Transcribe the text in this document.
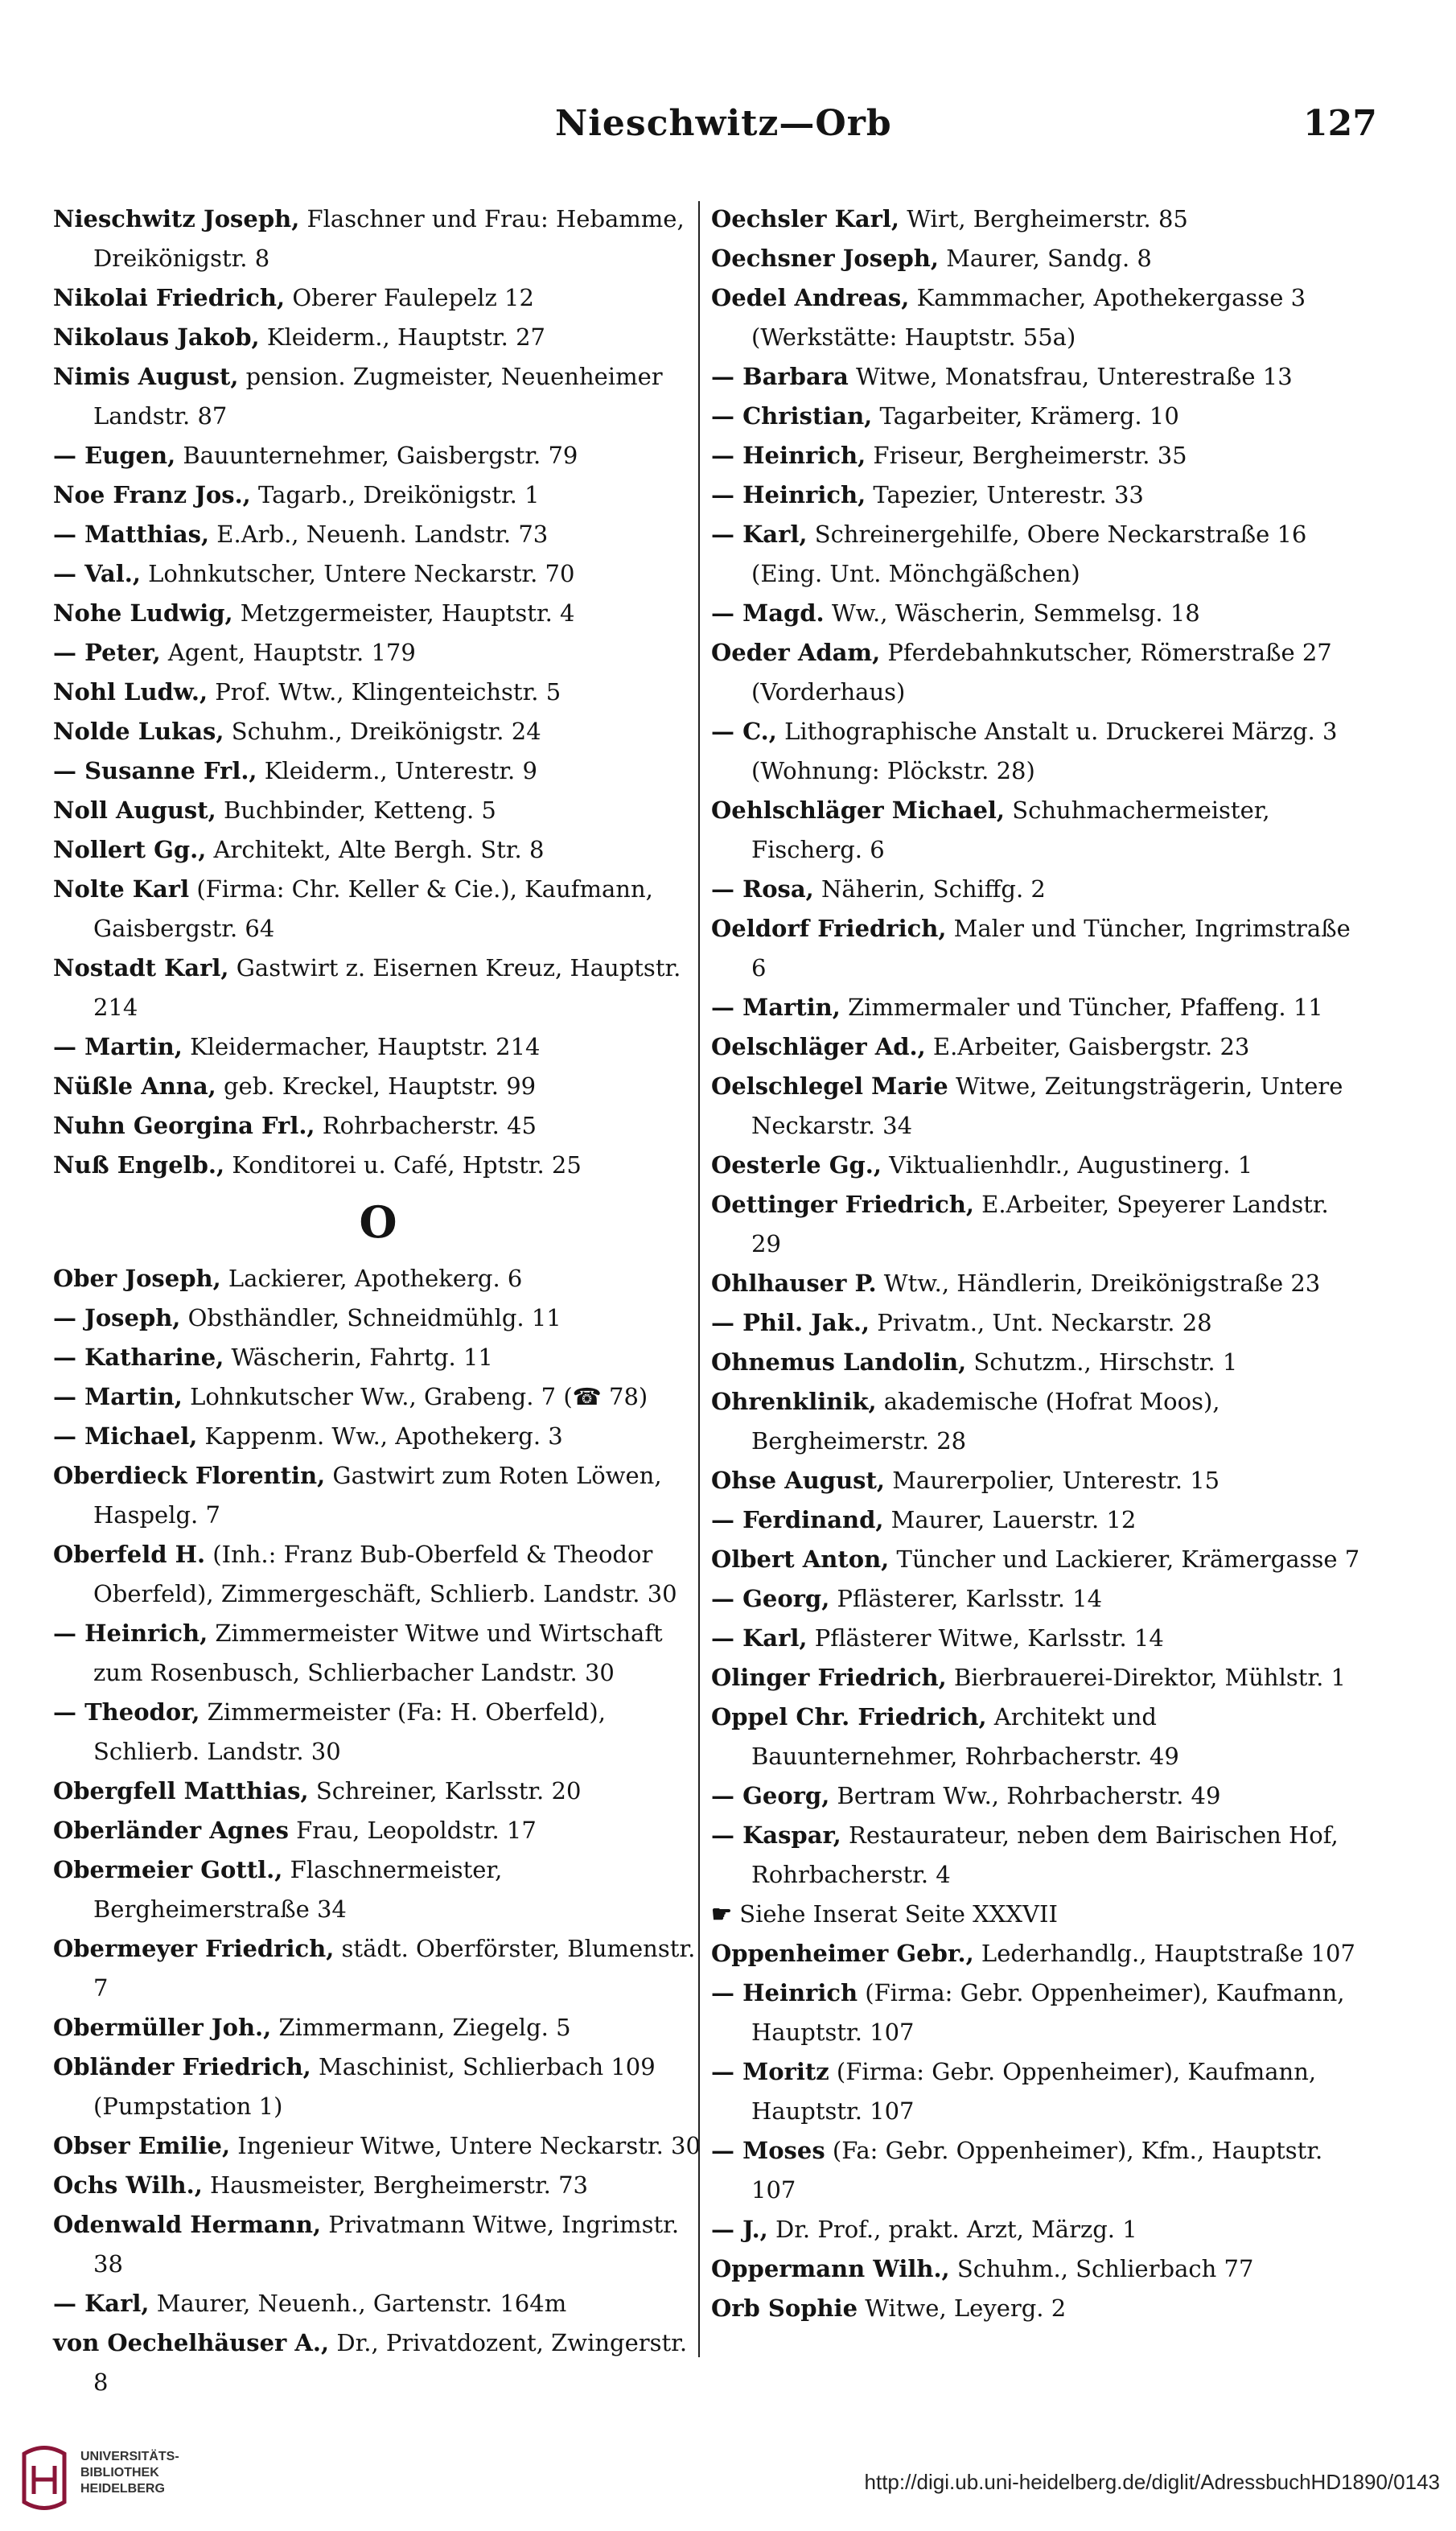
Nieschwitz—Orb	127

Nieschwitz Joseph, Flaschner und Frau: Hebamme, Dreikönigstr. 8

Nikolai Friedrich, Oberer Faulepelz 12

Nikolaus Jakob, Kleiderm., Hauptstr. 27

Nimis August, pension. Zugmeister, Neuenheimer Landstr. 87

— Eugen, Bauunternehmer, Gaisbergstr. 79

Noe Franz Jos., Tagarb., Dreikönigstr. 1

— Matthias, E.Arb., Neuenh. Landstr. 73

— Val., Lohnkutscher, Untere Neckarstr. 70

Nohe Ludwig, Metzgermeister, Hauptstr. 4

— Peter, Agent, Hauptstr. 179

Nohl Ludw., Prof. Wtw., Klingenteichstr. 5

Nolde Lukas, Schuhm., Dreikönigstr. 24

— Susanne Frl., Kleiderm., Unterestr. 9

Noll August, Buchbinder, Ketteng. 5

Nollert Gg., Architekt, Alte Bergh. Str. 8

Nolte Karl (Firma: Chr. Keller & Cie.), Kaufmann, Gaisbergstr. 64

Nostadt Karl, Gastwirt z. Eisernen Kreuz, Hauptstr. 214

— Martin, Kleidermacher, Hauptstr. 214

Nüßle Anna, geb. Kreckel, Hauptstr. 99

Nuhn Georgina Frl., Rohrbacherstr. 45

Nuß Engelb., Konditorei u. Café, Hptstr. 25

O

Ober Joseph, Lackierer, Apothekerg. 6

— Joseph, Obsthändler, Schneidmühlg. 11

— Katharine, Wäscherin, Fahrtg. 11

— Martin, Lohnkutscher Ww., Grabeng. 7 (☎ 78)

— Michael, Kappenm. Ww., Apothekerg. 3

Oberdieck Florentin, Gastwirt zum Roten Löwen, Haspelg. 7

Oberfeld H. (Inh.: Franz Bub-Oberfeld & Theodor Oberfeld), Zimmergeschäft, Schlierb. Landstr. 30

— Heinrich, Zimmermeister Witwe und Wirtschaft zum Rosenbusch, Schlierbacher Landstr. 30

— Theodor, Zimmermeister (Fa: H. Oberfeld), Schlierb. Landstr. 30

Obergfell Matthias, Schreiner, Karlsstr. 20

Oberländer Agnes Frau, Leopoldstr. 17

Obermeier Gottl., Flaschnermeister, Bergheimerstraße 34

Obermeyer Friedrich, städt. Oberförster, Blumenstr. 7

Obermüller Joh., Zimmermann, Ziegelg. 5

Obländer Friedrich, Maschinist, Schlierbach 109 (Pumpstation 1)

Obser Emilie, Ingenieur Witwe, Untere Neckarstr. 30

Ochs Wilh., Hausmeister, Bergheimerstr. 73

Odenwald Hermann, Privatmann Witwe, Ingrimstr. 38

— Karl, Maurer, Neuenh., Gartenstr. 164m

von Oechelhäuser A., Dr., Privatdozent, Zwingerstr. 8

Oechsler Karl, Wirt, Bergheimerstr. 85

Oechsner Joseph, Maurer, Sandg. 8

Oedel Andreas, Kammmacher, Apothekergasse 3 (Werkstätte: Hauptstr. 55a)

— Barbara Witwe, Monatsfrau, Unterestraße 13

— Christian, Tagarbeiter, Krämerg. 10

— Heinrich, Friseur, Bergheimerstr. 35

— Heinrich, Tapezier, Unterestr. 33

— Karl, Schreinergehilfe, Obere Neckarstraße 16 (Eing. Unt. Mönchgäßchen)

— Magd. Ww., Wäscherin, Semmelsg. 18

Oeder Adam, Pferdebahnkutscher, Römerstraße 27 (Vorderhaus)

— C., Lithographische Anstalt u. Druckerei Märzg. 3 (Wohnung: Plöckstr. 28)

Oehlschläger Michael, Schuhmachermeister, Fischerg. 6

— Rosa, Näherin, Schiffg. 2

Oeldorf Friedrich, Maler und Tüncher, Ingrimstraße 6

— Martin, Zimmermaler und Tüncher, Pfaffeng. 11

Oelschläger Ad., E.Arbeiter, Gaisbergstr. 23

Oelschlegel Marie Witwe, Zeitungsträgerin, Untere Neckarstr. 34

Oesterle Gg., Viktualienhdlr., Augustinerg. 1

Oettinger Friedrich, E.Arbeiter, Speyerer Landstr. 29

Ohlhauser P. Wtw., Händlerin, Dreikönigstraße 23

— Phil. Jak., Privatm., Unt. Neckarstr. 28

Ohnemus Landolin, Schutzm., Hirschstr. 1

Ohrenklinik, akademische (Hofrat Moos), Bergheimerstr. 28

Ohse August, Maurerpolier, Unterestr. 15

— Ferdinand, Maurer, Lauerstr. 12

Olbert Anton, Tüncher und Lackierer, Krämergasse 7

— Georg, Pflästerer, Karlsstr. 14

— Karl, Pflästerer Witwe, Karlsstr. 14

Olinger Friedrich, Bierbrauerei-Direktor, Mühlstr. 1

Oppel Chr. Friedrich, Architekt und Bauunternehmer, Rohrbacherstr. 49

— Georg, Bertram Ww., Rohrbacherstr. 49

— Kaspar, Restaurateur, neben dem Bairischen Hof, Rohrbacherstr. 4

☛ Siehe Inserat Seite XXXVII

Oppenheimer Gebr., Lederhandlg., Hauptstraße 107

— Heinrich (Firma: Gebr. Oppenheimer), Kaufmann, Hauptstr. 107

— Moritz (Firma: Gebr. Oppenheimer), Kaufmann, Hauptstr. 107

— Moses (Fa: Gebr. Oppenheimer), Kfm., Hauptstr. 107

— J., Dr. Prof., prakt. Arzt, Märzg. 1

Oppermann Wilh., Schuhm., Schlierbach 77

Orb Sophie Witwe, Leyerg. 2

UNIVERSITÄTS-
BIBLIOTHEK
HEIDELBERG	http://digi.ub.uni-heidelberg.de/diglit/AdressbuchHD1890/0143
